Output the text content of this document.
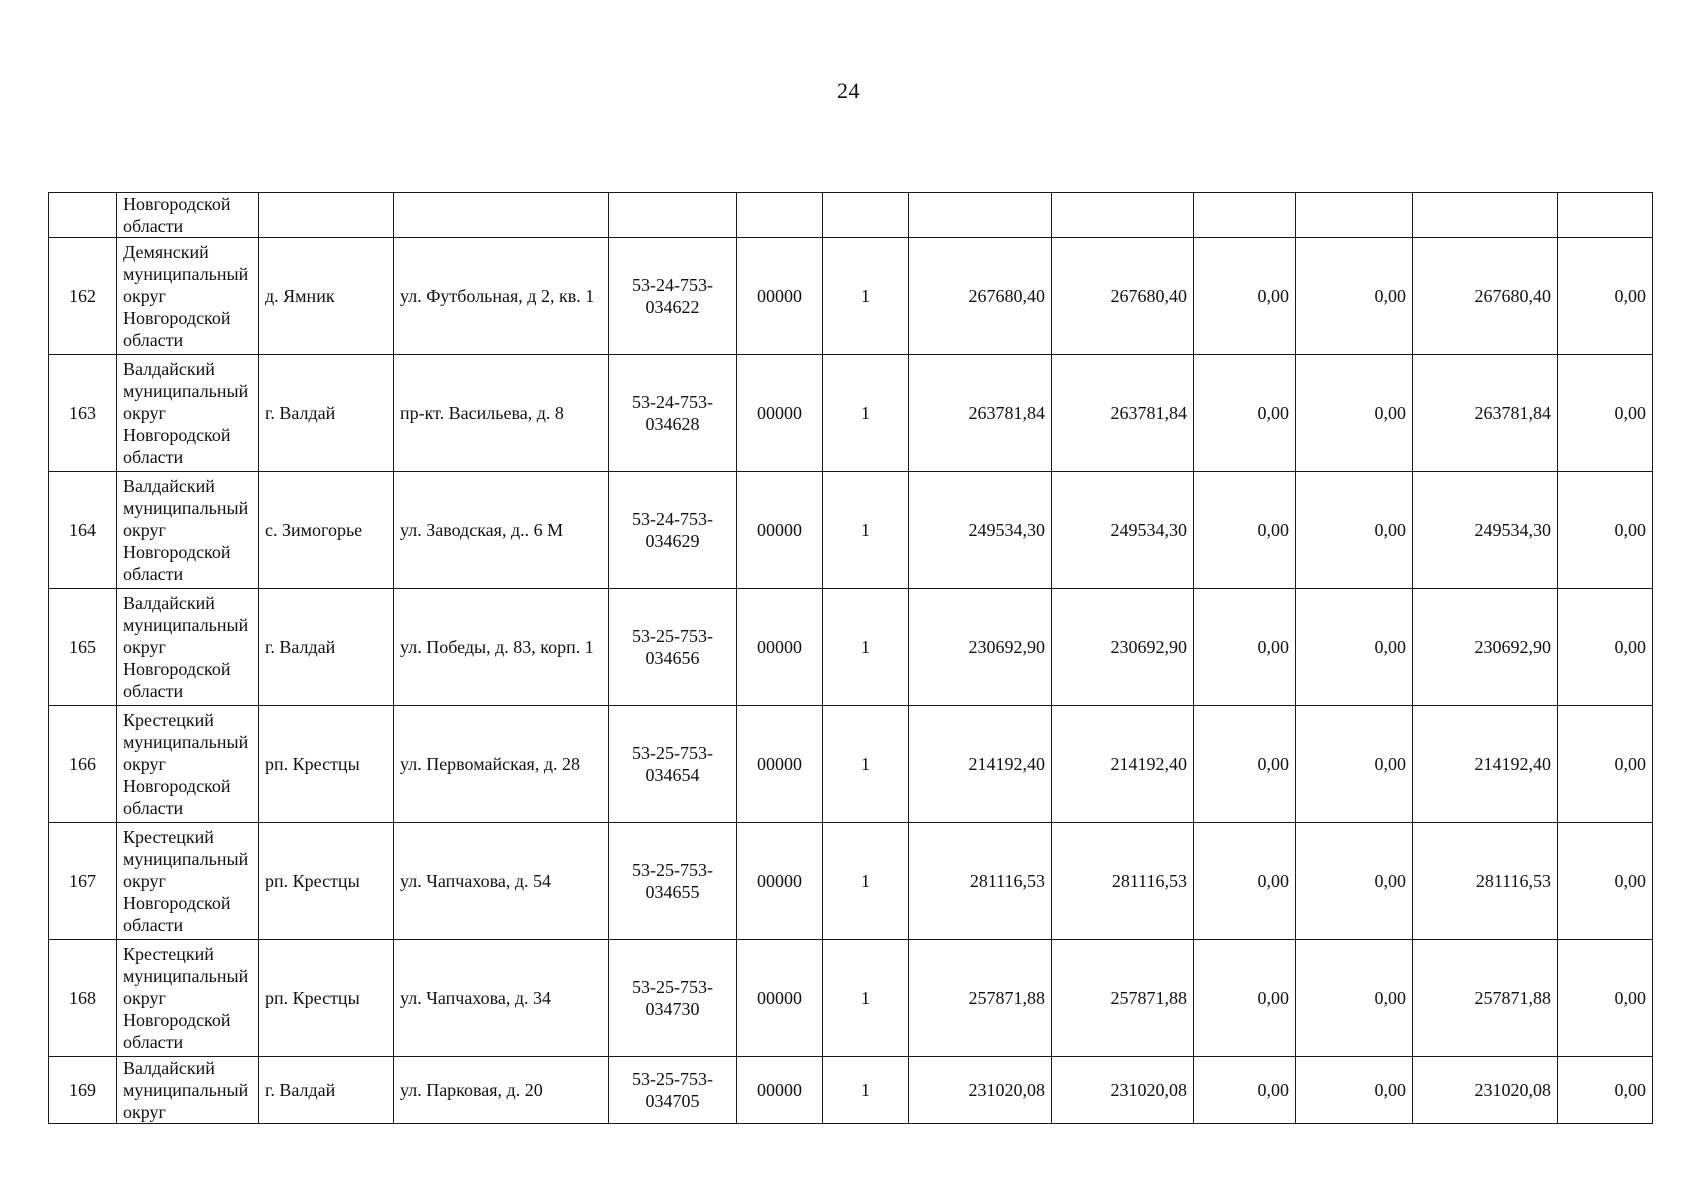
24
	Новгородской области											
162	Демянский муниципальный округ Новгородской области	д. Ямник	ул. Футбольная, д 2, кв. 1	53-24-753-034622	00000	1	267680,40	267680,40	0,00	0,00	267680,40	0,00
163	Валдайский муниципальный округ Новгородской области	г. Валдай	пр-кт. Васильева, д. 8	53-24-753-034628	00000	1	263781,84	263781,84	0,00	0,00	263781,84	0,00
164	Валдайский муниципальный округ Новгородской области	с. Зимогорье	ул. Заводская, д.. 6 М	53-24-753-034629	00000	1	249534,30	249534,30	0,00	0,00	249534,30	0,00
165	Валдайский муниципальный округ Новгородской области	г. Валдай	ул. Победы, д. 83, корп. 1	53-25-753-034656	00000	1	230692,90	230692,90	0,00	0,00	230692,90	0,00
166	Крестецкий муниципальный округ Новгородской области	рп. Крестцы	ул. Первомайская, д. 28	53-25-753-034654	00000	1	214192,40	214192,40	0,00	0,00	214192,40	0,00
167	Крестецкий муниципальный округ Новгородской области	рп. Крестцы	ул. Чапчахова, д. 54	53-25-753-034655	00000	1	281116,53	281116,53	0,00	0,00	281116,53	0,00
168	Крестецкий муниципальный округ Новгородской области	рп. Крестцы	ул. Чапчахова, д. 34	53-25-753-034730	00000	1	257871,88	257871,88	0,00	0,00	257871,88	0,00
169	Валдайский муниципальный округ	г. Валдай	ул. Парковая, д. 20	53-25-753-034705	00000	1	231020,08	231020,08	0,00	0,00	231020,08	0,00
